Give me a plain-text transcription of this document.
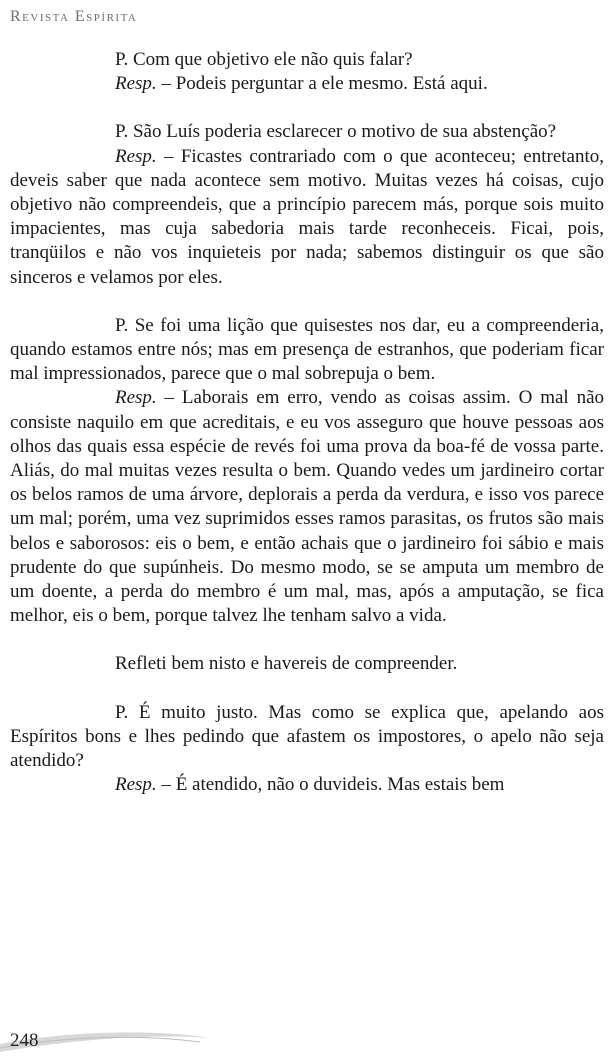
Revista Espírita

P. Com que objetivo ele não quis falar?

Resp. – Podeis perguntar a ele mesmo. Está aqui.

P. São Luís poderia esclarecer o motivo de sua abstenção?

Resp. – Ficastes contrariado com o que aconteceu; entretanto, deveis saber que nada acontece sem motivo. Muitas vezes há coisas, cujo objetivo não compreendeis, que a princípio parecem más, porque sois muito impacientes, mas cuja sabedoria mais tarde reconheceis. Ficai, pois, tranqüilos e não vos inquieteis por nada; sabemos distinguir os que são sinceros e velamos por eles.

P. Se foi uma lição que quisestes nos dar, eu a compreenderia, quando estamos entre nós; mas em presença de estranhos, que poderiam ficar mal impressionados, parece que o mal sobrepuja o bem.

Resp. – Laborais em erro, vendo as coisas assim. O mal não consiste naquilo em que acreditais, e eu vos asseguro que houve pessoas aos olhos das quais essa espécie de revés foi uma prova da boa-fé de vossa parte. Aliás, do mal muitas vezes resulta o bem. Quando vedes um jardineiro cortar os belos ramos de uma árvore, deplorais a perda da verdura, e isso vos parece um mal; porém, uma vez suprimidos esses ramos parasitas, os frutos são mais belos e saborosos: eis o bem, e então achais que o jardineiro foi sábio e mais prudente do que supúnheis. Do mesmo modo, se se amputa um membro de um doente, a perda do membro é um mal, mas, após a amputação, se fica melhor, eis o bem, porque talvez lhe tenham salvo a vida.

Refleti bem nisto e havereis de compreender.

P. É muito justo. Mas como se explica que, apelando aos Espíritos bons e lhes pedindo que afastem os impostores, o apelo não seja atendido?

Resp. – É atendido, não o duvideis. Mas estais bem

248
